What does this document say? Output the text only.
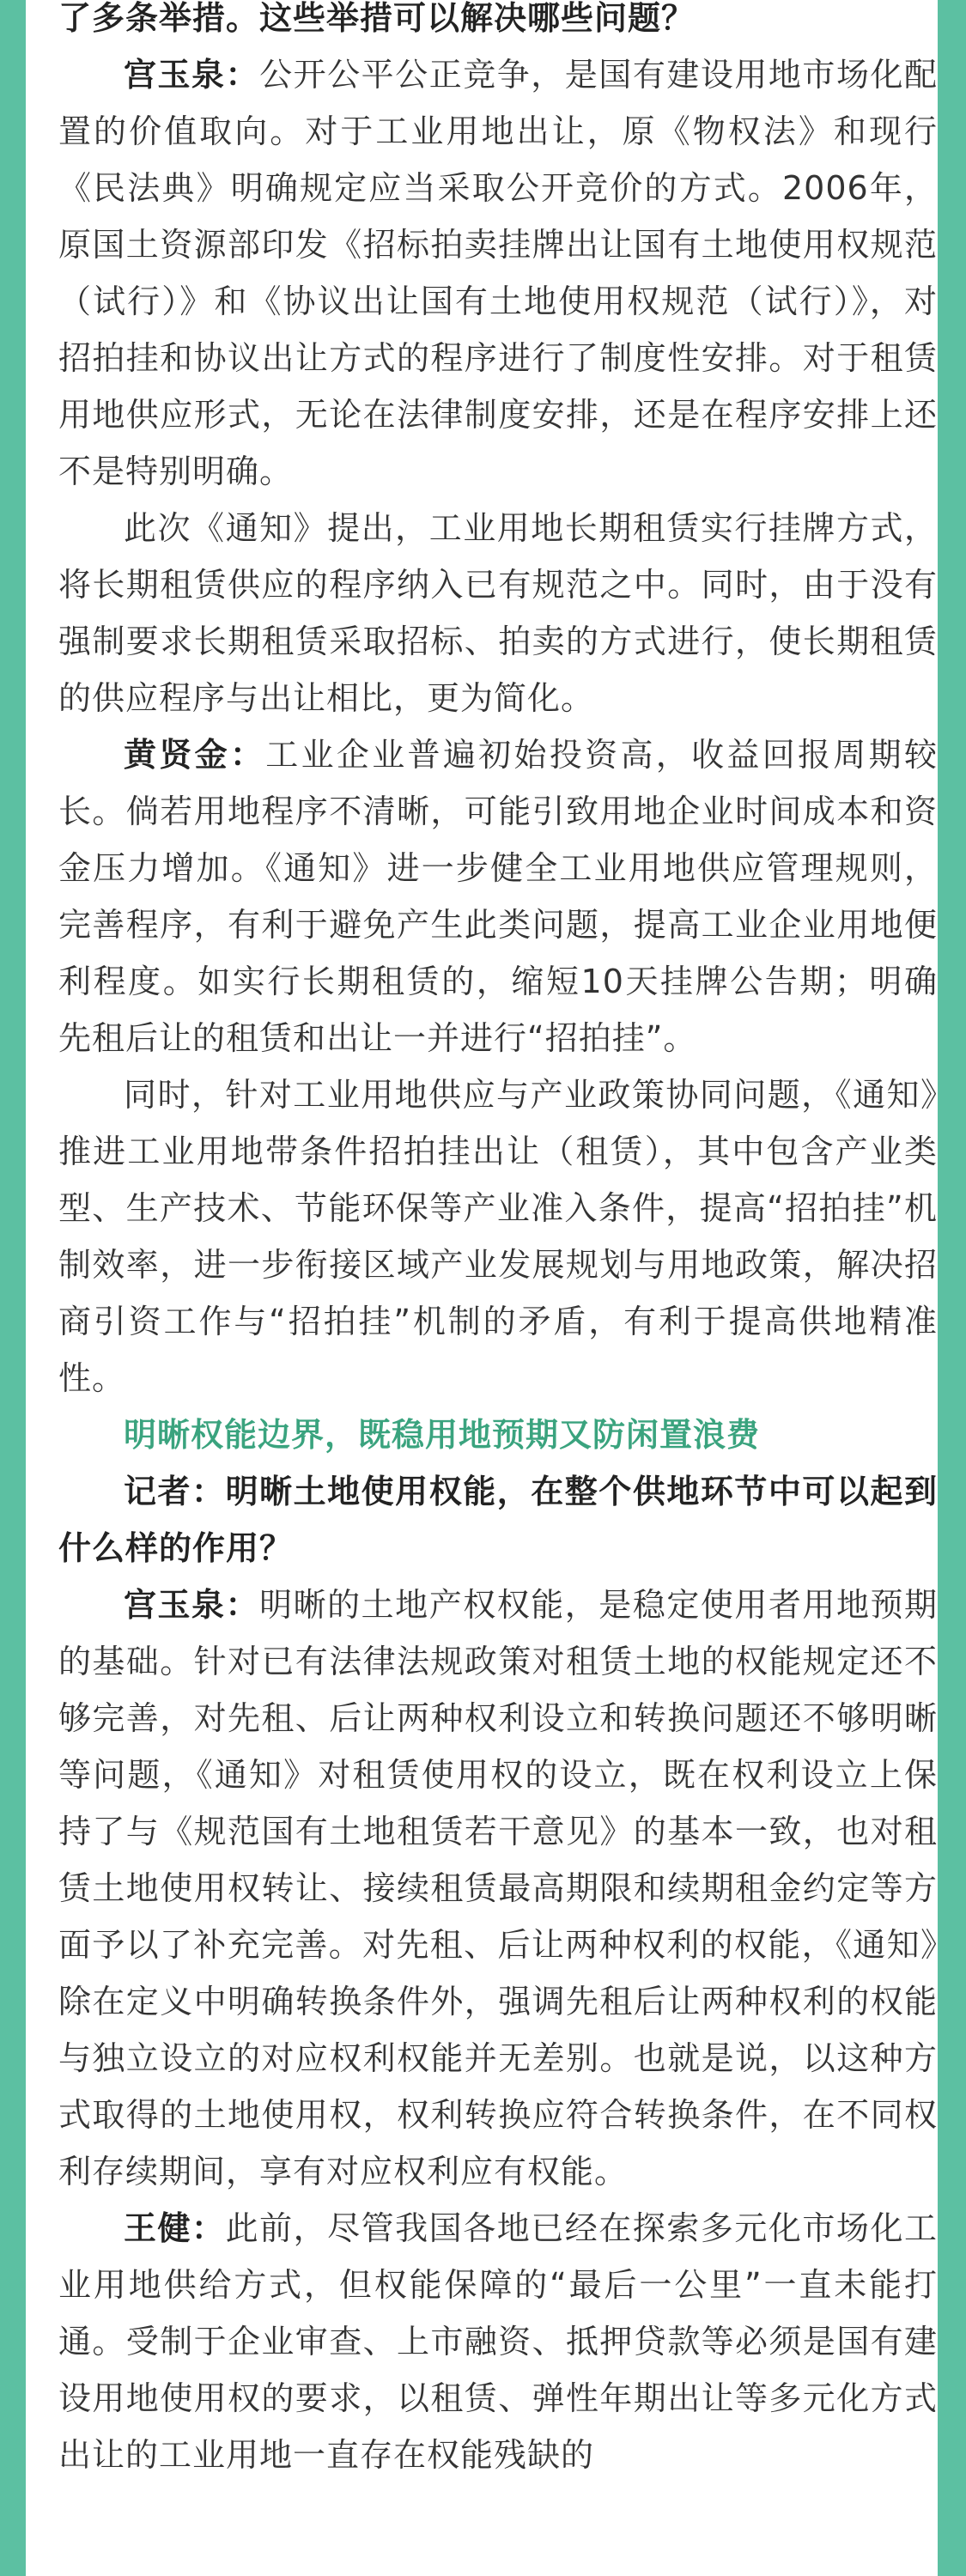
了多条举措。这些举措可以解决哪些问题？

宫玉泉：公开公平公正竞争，是国有建设用地市场化配置的价值取向。对于工业用地出让，原《物权法》和现行《民法典》明确规定应当采取公开竞价的方式。2006年，原国土资源部印发《招标拍卖挂牌出让国有土地使用权规范（试行）》和《协议出让国有土地使用权规范（试行）》，对招拍挂和协议出让方式的程序进行了制度性安排。对于租赁用地供应形式，无论在法律制度安排，还是在程序安排上还不是特别明确。

此次《通知》提出，工业用地长期租赁实行挂牌方式，将长期租赁供应的程序纳入已有规范之中。同时，由于没有强制要求长期租赁采取招标、拍卖的方式进行，使长期租赁的供应程序与出让相比，更为简化。

黄贤金：工业企业普遍初始投资高，收益回报周期较长。倘若用地程序不清晰，可能引致用地企业时间成本和资金压力增加。《通知》进一步健全工业用地供应管理规则，完善程序，有利于避免产生此类问题，提高工业企业用地便利程度。如实行长期租赁的，缩短10天挂牌公告期；明确先租后让的租赁和出让一并进行“招拍挂”。

同时，针对工业用地供应与产业政策协同问题，《通知》推进工业用地带条件招拍挂出让（租赁），其中包含产业类型、生产技术、节能环保等产业准入条件，提高“招拍挂”机制效率，进一步衔接区域产业发展规划与用地政策，解决招商引资工作与“招拍挂”机制的矛盾，有利于提高供地精准性。

明晰权能边界，既稳用地预期又防闲置浪费

记者：明晰土地使用权能，在整个供地环节中可以起到什么样的作用？

宫玉泉：明晰的土地产权权能，是稳定使用者用地预期的基础。针对已有法律法规政策对租赁土地的权能规定还不够完善，对先租、后让两种权利设立和转换问题还不够明晰等问题，《通知》对租赁使用权的设立，既在权利设立上保持了与《规范国有土地租赁若干意见》的基本一致，也对租赁土地使用权转让、接续租赁最高期限和续期租金约定等方面予以了补充完善。对先租、后让两种权利的权能，《通知》除在定义中明确转换条件外，强调先租后让两种权利的权能与独立设立的对应权利权能并无差别。也就是说，以这种方式取得的土地使用权，权利转换应符合转换条件，在不同权利存续期间，享有对应权利应有权能。

王健：此前，尽管我国各地已经在探索多元化市场化工业用地供给方式，但权能保障的“最后一公里”一直未能打通。受制于企业审查、上市融资、抵押贷款等必须是国有建设用地使用权的要求，以租赁、弹性年期出让等多元化方式出让的工业用地一直存在权能残缺的
